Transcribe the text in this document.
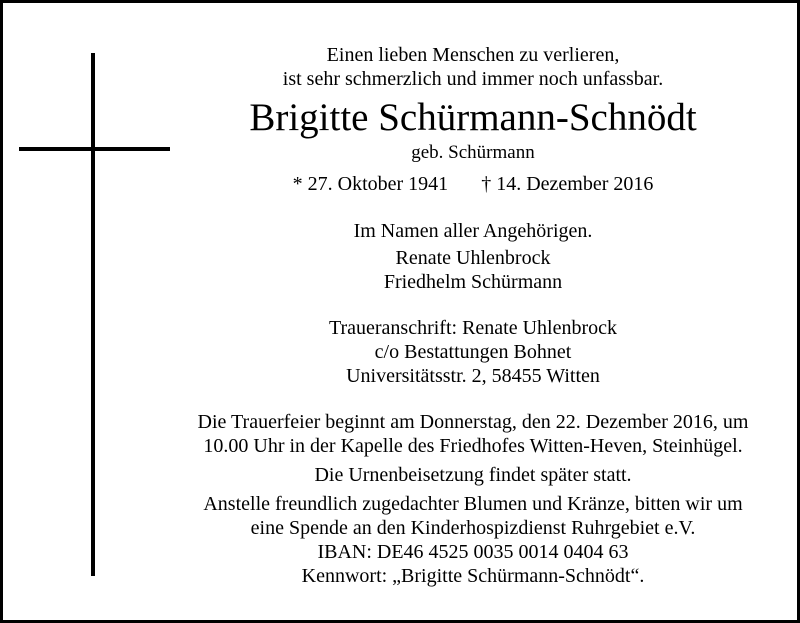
Einen lieben Menschen zu verlieren,
ist sehr schmerzlich und immer noch unfassbar.
Brigitte Schürmann-Schnödt
geb. Schürmann
* 27. Oktober 1941 † 14. Dezember 2016
Im Namen aller Angehörigen.
Renate Uhlenbrock
Friedhelm Schürmann
Traueranschrift: Renate Uhlenbrock
c/o Bestattungen Bohnet
Universitätsstr. 2, 58455 Witten
Die Trauerfeier beginnt am Donnerstag, den 22. Dezember 2016, um
10.00 Uhr in der Kapelle des Friedhofes Witten-Heven, Steinhügel.
Die Urnenbeisetzung findet später statt.
Anstelle freundlich zugedachter Blumen und Kränze, bitten wir um
eine Spende an den Kinderhospizdienst Ruhrgebiet e.V.
IBAN: DE46 4525 0035 0014 0404 63
Kennwort: „Brigitte Schürmann-Schnödt“.
